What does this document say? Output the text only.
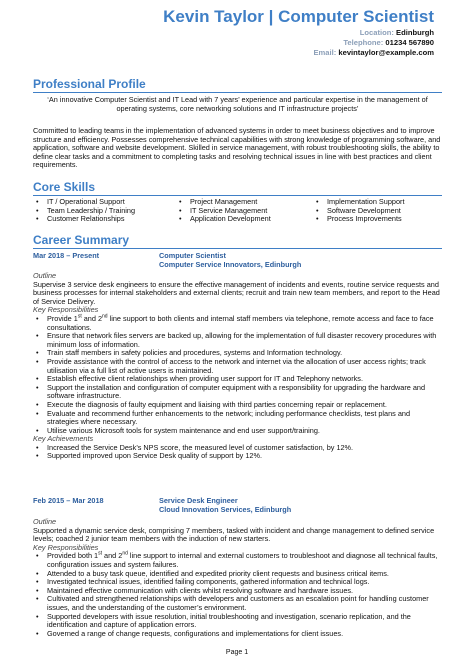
Kevin Taylor | Computer Scientist
Location: Edinburgh
Telephone: 01234 567890
Email: kevintaylor@example.com
Professional Profile
‘An innovative Computer Scientist and IT Lead with 7 years’ experience and particular expertise in the management of operating systems, core networking solutions and IT infrastructure projects’
Committed to leading teams in the implementation of advanced systems in order to meet business objectives and to improve structure and efficiency. Possesses comprehensive technical capabilities with strong knowledge of programming software, and application, software and website development. Skilled in service management, with robust troubleshooting skills, the ability to define clear tasks and a commitment to completing tasks and resolving technical issues in line with best practices and client requirements.
Core Skills
• IT / Operational Support
• Team Leadership / Training
• Customer Relationships
• Project Management
• IT Service Management
• Application Development
• Implementation Support
• Software Development
• Process Improvements
Career Summary
Mar 2018 – Present	Computer Scientist
Computer Service Innovators, Edinburgh
Outline
Supervise 3 service desk engineers to ensure the effective management of incidents and events, routine service requests and business processes for internal stakeholders and external clients; recruit and train new team members, and report to the Head of Service Delivery.
Key Responsibilities
• Provide 1st and 2nd line support to both clients and internal staff members via telephone, remote access and face to face consultations.
• Ensure that network files servers are backed up, allowing for the implementation of full disaster recovery procedures with minimum loss of information.
• Train staff members in safety policies and procedures, systems and Information technology.
• Provide assistance with the control of access to the network and internet via the allocation of user access rights; track utilisation via a full list of active users is maintained.
• Establish effective client relationships when providing user support for IT and Telephony networks.
• Support the installation and configuration of computer equipment with a responsibility for upgrading the hardware and software infrastructure.
• Execute the diagnosis of faulty equipment and liaising with third parties concerning repair or replacement.
• Evaluate and recommend further enhancements to the network; including performance checklists, test plans and strategies where necessary.
• Utilise various Microsoft tools for system maintenance and end user support/training.
Key Achievements
• Increased the Service Desk’s NPS score, the measured level of customer satisfaction, by 12%.
• Supported improved upon Service Desk quality of support by 12%.
Feb 2015 – Mar 2018	Service Desk Engineer
Cloud Innovation Services, Edinburgh
Outline
Supported a dynamic service desk, comprising 7 members, tasked with incident and change management to defined service levels; coached 2 junior team members with the induction of new starters.
Key Responsibilities
• Provided both 1st and 2nd line support to internal and external customers to troubleshoot and diagnose all technical faults, configuration issues and system failures.
• Attended to a busy task queue, identified and expedited priority client requests and business critical items.
• Investigated technical issues, identified failing components, gathered information and technical logs.
• Maintained effective communication with clients whilst resolving software and hardware issues.
• Cultivated and strengthened relationships with developers and customers as an escalation point for handling customer issues, and the understanding of the customer’s environment.
• Supported developers with issue resolution, initial troubleshooting and investigation, scenario replication, and the identification and capture of application errors.
• Governed a range of change requests, configurations and implementations for client issues.
Page 1
